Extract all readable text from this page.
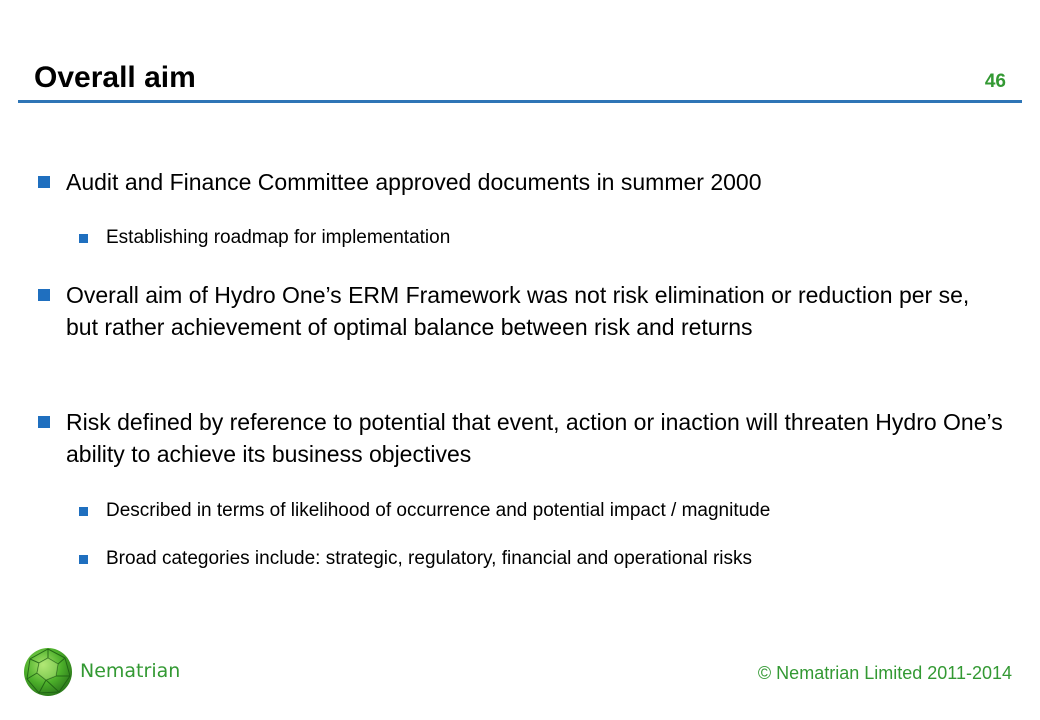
Overall aim	46
Audit and Finance Committee approved documents in summer 2000
Establishing roadmap for implementation
Overall aim of Hydro One’s ERM Framework was not risk elimination or reduction per se, but rather achievement of optimal balance between risk and returns
Risk defined by reference to potential that event, action or inaction will threaten Hydro One’s ability to achieve its business objectives
Described in terms of likelihood of occurrence and potential impact / magnitude
Broad categories include: strategic, regulatory, financial and operational risks
Nematrian	© Nematrian Limited 2011-2014
